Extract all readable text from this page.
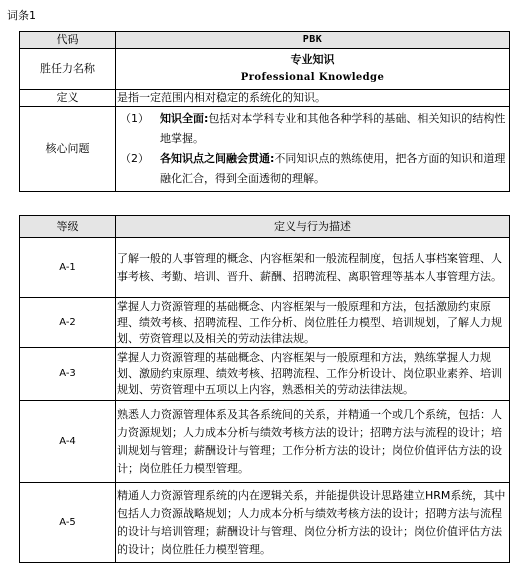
词条1
代码	PBK
胜任力名称	专业知识
Professional Knowledge

定义	是指一定范围内相对稳定的系统化的知识。
核心问题	（1） 知识全面:包括对本学科专业和其他各种学科的基础、相关知识的结构性地掌握。
（2） 各知识点之间融会贯通:不同知识点的熟练使用，把各方面的知识和道理融化汇合，得到全面透彻的理解。
等级	定义与行为描述
A-1	了解一般的人事管理的概念、内容框架和一般流程制度，包括人事档案管理、人事考核、考勤、培训、晋升、薪酬、招聘流程、离职管理等基本人事管理方法。
A-2	掌握人力资源管理的基础概念、内容框架与一般原理和方法，包括激励约束原理、绩效考核、招聘流程、工作分析、岗位胜任力模型、培训规划，了解人力规划、劳资管理以及相关的劳动法律法规。
A-3	掌握人力资源管理的基础概念、内容框架与一般原理和方法，熟练掌握人力规划、激励约束原理、绩效考核、招聘流程、工作分析设计、岗位职业素养、培训规划、劳资管理中五项以上内容，熟悉相关的劳动法律法规。
A-4	熟悉人力资源管理体系及其各系统间的关系，并精通一个或几个系统，包括：人力资源规划；人力成本分析与绩效考核方法的设计；招聘方法与流程的设计；培训规划与管理；薪酬设计与管理；工作分析方法的设计；岗位价值评估方法的设计；岗位胜任力模型管理。
A-5	精通人力资源管理系统的内在逻辑关系，并能提供设计思路建立HRM系统，其中包括人力资源战略规划；人力成本分析与绩效考核方法的设计；招聘方法与流程的设计与培训管理；薪酬设计与管理、岗位分析方法的设计；岗位价值评估方法的设计；岗位胜任力模型管理。
